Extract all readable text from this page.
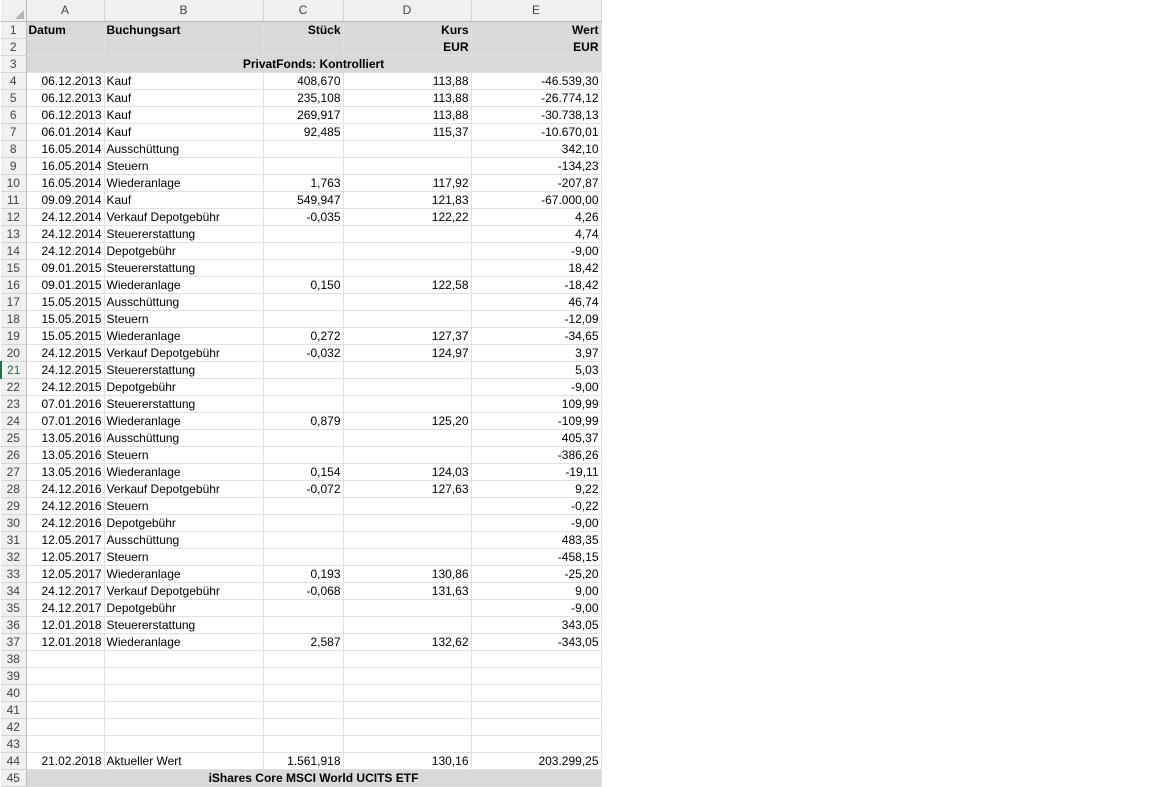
	A	B	C	D	E
1	Datum	Buchungsart	Stück	Kurs	Wert
2				EUR	EUR
3	PrivatFonds: Kontrolliert				
4	06.12.2013	Kauf	408,670	113,88	-46.539,30
5	06.12.2013	Kauf	235,108	113,88	-26.774,12
6	06.12.2013	Kauf	269,917	113,88	-30.738,13
7	06.01.2014	Kauf	92,485	115,37	-10.670,01
8	16.05.2014	Ausschüttung			342,10
9	16.05.2014	Steuern			-134,23
10	16.05.2014	Wiederanlage	1,763	117,92	-207,87
11	09.09.2014	Kauf	549,947	121,83	-67.000,00
12	24.12.2014	Verkauf Depotgebühr	-0,035	122,22	4,26
13	24.12.2014	Steuererstattung			4,74
14	24.12.2014	Depotgebühr			-9,00
15	09.01.2015	Steuererstattung			18,42
16	09.01.2015	Wiederanlage	0,150	122,58	-18,42
17	15.05.2015	Ausschüttung			46,74
18	15.05.2015	Steuern			-12,09
19	15.05.2015	Wiederanlage	0,272	127,37	-34,65
20	24.12.2015	Verkauf Depotgebühr	-0,032	124,97	3,97
21	24.12.2015	Steuererstattung			5,03
22	24.12.2015	Depotgebühr			-9,00
23	07.01.2016	Steuererstattung			109,99
24	07.01.2016	Wiederanlage	0,879	125,20	-109,99
25	13.05.2016	Ausschüttung			405,37
26	13.05.2016	Steuern			-386,26
27	13.05.2016	Wiederanlage	0,154	124,03	-19,11
28	24.12.2016	Verkauf Depotgebühr	-0,072	127,63	9,22
29	24.12.2016	Steuern			-0,22
30	24.12.2016	Depotgebühr			-9,00
31	12.05.2017	Ausschüttung			483,35
32	12.05.2017	Steuern			-458,15
33	12.05.2017	Wiederanlage	0,193	130,86	-25,20
34	24.12.2017	Verkauf Depotgebühr	-0,068	131,63	9,00
35	24.12.2017	Depotgebühr			-9,00
36	12.01.2018	Steuererstattung			343,05
37	12.01.2018	Wiederanlage	2,587	132,62	-343,05
38					
39					
40					
41					
42					
43					
44	21.02.2018	Aktueller Wert	1.561,918	130,16	203.299,25
45	iShares Core MSCI World UCITS ETF				
